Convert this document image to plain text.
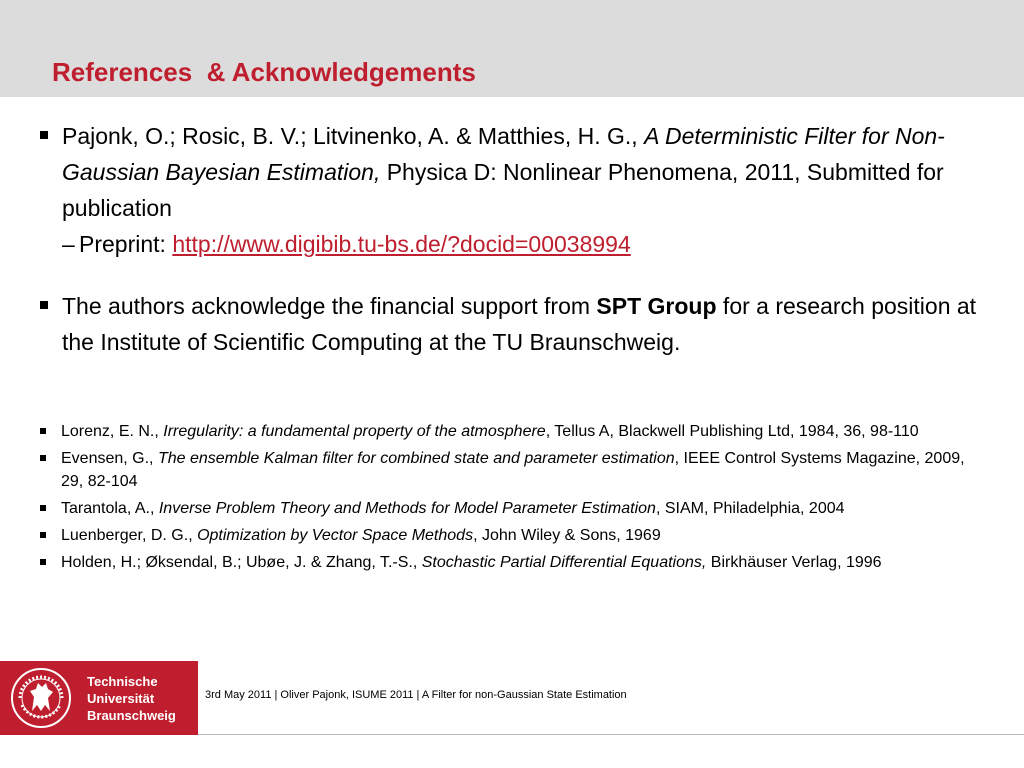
References  & Acknowledgements
Pajonk, O.; Rosic, B. V.; Litvinenko, A. & Matthies, H. G., A Deterministic Filter for Non-Gaussian Bayesian Estimation, Physica D: Nonlinear Phenomena, 2011, Submitted for publication
– Preprint: http://www.digibib.tu-bs.de/?docid=00038994
The authors acknowledge the financial support from SPT Group for a research position at the Institute of Scientific Computing at the TU Braunschweig.
Lorenz, E. N., Irregularity: a fundamental property of the atmosphere, Tellus A, Blackwell Publishing Ltd, 1984, 36, 98-110
Evensen, G., The ensemble Kalman filter for combined state and parameter estimation, IEEE Control Systems Magazine, 2009, 29, 82-104
Tarantola, A., Inverse Problem Theory and Methods for Model Parameter Estimation, SIAM, Philadelphia, 2004
Luenberger, D. G., Optimization by Vector Space Methods, John Wiley & Sons, 1969
Holden, H.; Øksendal, B.; Ubøe, J. & Zhang, T.-S., Stochastic Partial Differential Equations, Birkhäuser Verlag, 1996
Technische
Universität
Braunschweig
3rd May 2011 | Oliver Pajonk, ISUME 2011 | A Filter for non-Gaussian State Estimation
